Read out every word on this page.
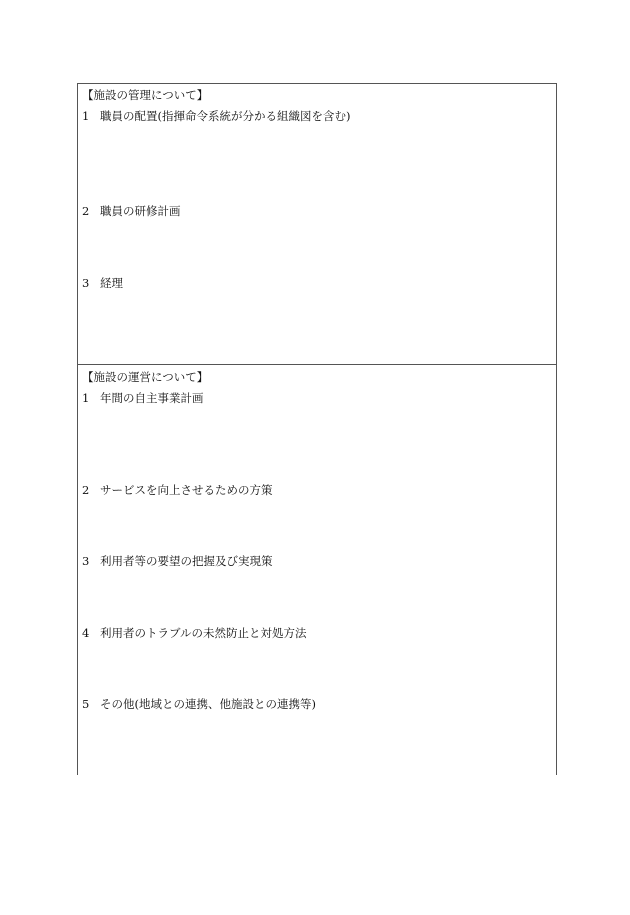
【施設の管理について】
1 職員の配置(指揮命令系統が分かる組織図を含む)
2 職員の研修計画
3 経理
【施設の運営について】
1 年間の自主事業計画
2 サービスを向上させるための方策
3 利用者等の要望の把握及び実現策
4 利用者のトラブルの未然防止と対処方法
5 その他(地域との連携、他施設との連携等)
